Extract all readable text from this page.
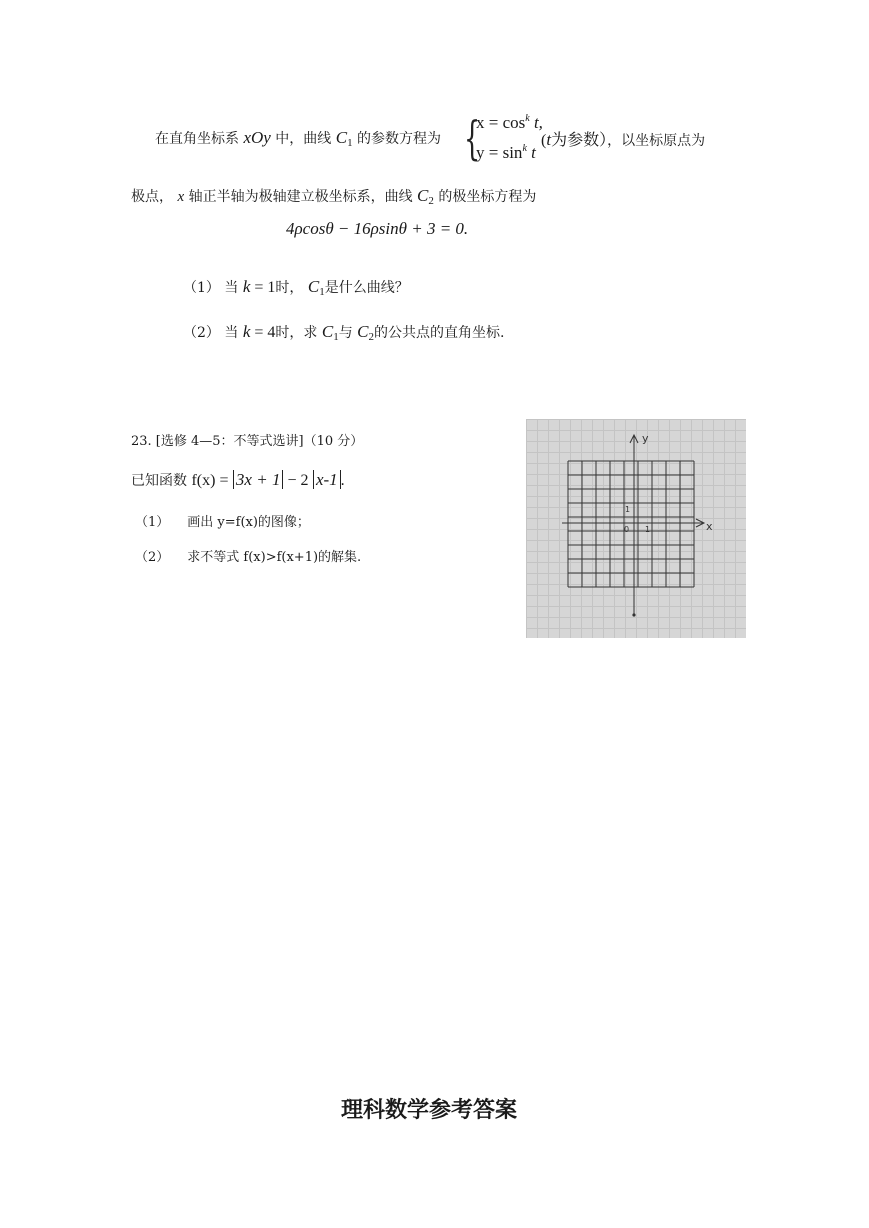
在直角坐标系 xOy 中，曲线 $C_1$ 的参数方程为 {
$x = \cos^k t$,
$y = \sin^k t$
(t为参数），以坐标原点为
极点， x 轴正半轴为极轴建立极坐标系，曲线 $C_2$ 的极坐标方程为
4ρcosθ − 16ρsinθ + 3 = 0.
（1） 当 k = 1时， $C_1$是什么曲线？
（2） 当 k = 4时，求 $C_1$与 $C_2$的公共点的直角坐标.
23. [选修 4—5：不等式选讲]（10 分）
已知函数 f(x) = 3x + 1 − 2 x-1 .
（1） 画出 y=f(x)的图像；
（2） 求不等式 f(x)>f(x+1)的解集.
y
x
0 1
1
理科数学参考答案
